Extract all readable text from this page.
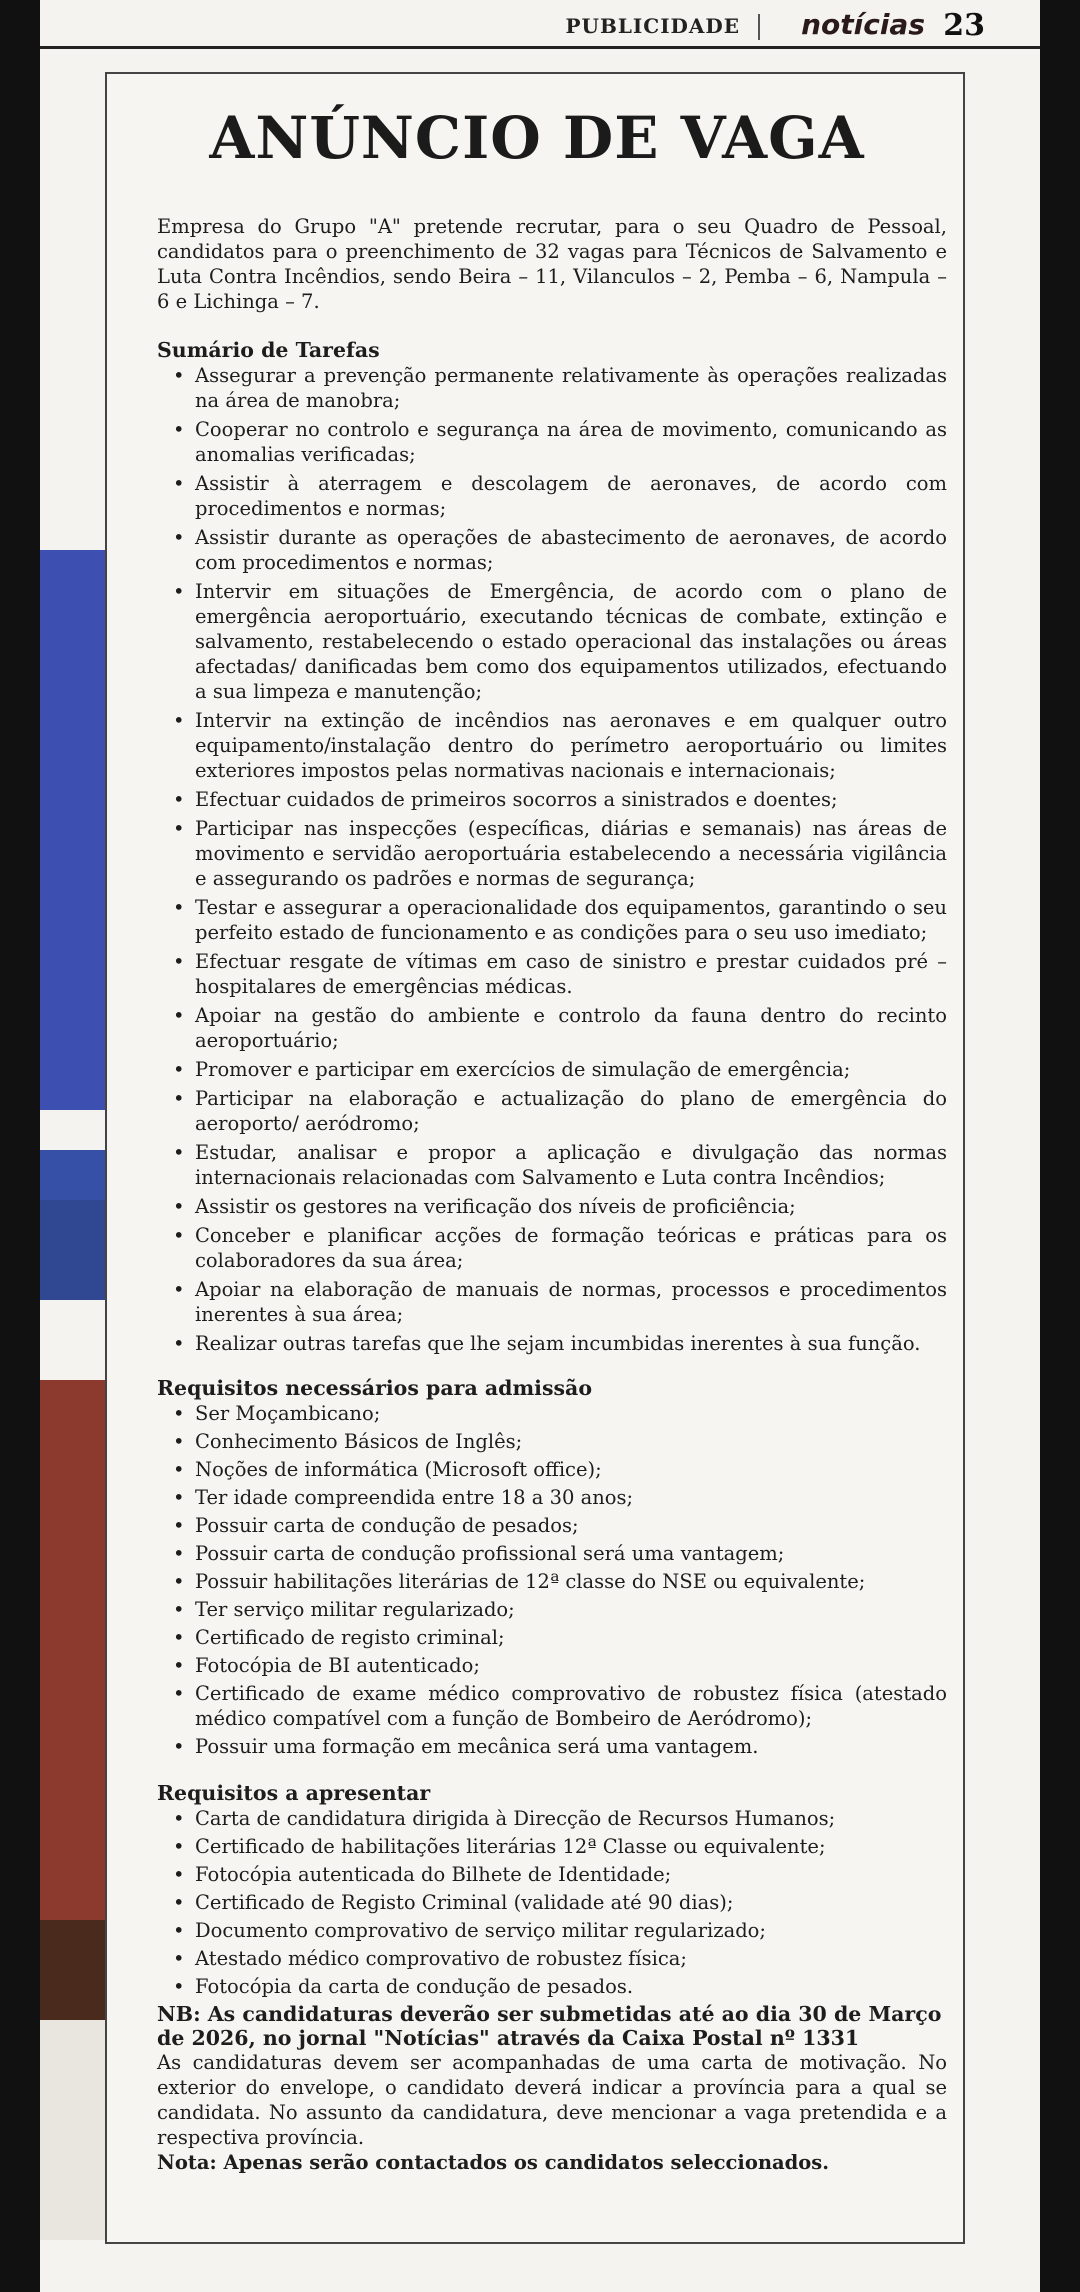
PUBLICIDADE notícias 23
ANÚNCIO DE VAGA

Empresa do Grupo "A" pretende recrutar, para o seu Quadro de Pessoal, candidatos para o preenchimento de 32 vagas para Técnicos de Salvamento e Luta Contra Incêndios, sendo Beira – 11, Vilanculos – 2, Pemba – 6, Nampula – 6 e Lichinga – 7.

Sumário de Tarefas

• Assegurar a prevenção permanente relativamente às operações realizadas na área de manobra;
• Cooperar no controlo e segurança na área de movimento, comunicando as anomalias verificadas;
• Assistir à aterragem e descolagem de aeronaves, de acordo com procedimentos e normas;
• Assistir durante as operações de abastecimento de aeronaves, de acordo com procedimentos e normas;
• Intervir em situações de Emergência, de acordo com o plano de emergência aeroportuário, executando técnicas de combate, extinção e salvamento, restabelecendo o estado operacional das instalações ou áreas afectadas/ danificadas bem como dos equipamentos utilizados, efectuando a sua limpeza e manutenção;
• Intervir na extinção de incêndios nas aeronaves e em qualquer outro equipamento/instalação dentro do perímetro aeroportuário ou limites exteriores impostos pelas normativas nacionais e internacionais;
• Efectuar cuidados de primeiros socorros a sinistrados e doentes;
• Participar nas inspecções (específicas, diárias e semanais) nas áreas de movimento e servidão aeroportuária estabelecendo a necessária vigilância e assegurando os padrões e normas de segurança;
• Testar e assegurar a operacionalidade dos equipamentos, garantindo o seu perfeito estado de funcionamento e as condições para o seu uso imediato;
• Efectuar resgate de vítimas em caso de sinistro e prestar cuidados pré – hospitalares de emergências médicas.
• Apoiar na gestão do ambiente e controlo da fauna dentro do recinto aeroportuário;
• Promover e participar em exercícios de simulação de emergência;
• Participar na elaboração e actualização do plano de emergência do aeroporto/ aeródromo;
• Estudar, analisar e propor a aplicação e divulgação das normas internacionais relacionadas com Salvamento e Luta contra Incêndios;
• Assistir os gestores na verificação dos níveis de proficiência;
• Conceber e planificar acções de formação teóricas e práticas para os colaboradores da sua área;
• Apoiar na elaboração de manuais de normas, processos e procedimentos inerentes à sua área;
• Realizar outras tarefas que lhe sejam incumbidas inerentes à sua função.

Requisitos necessários para admissão

• Ser Moçambicano;
• Conhecimento Básicos de Inglês;
• Noções de informática (Microsoft office);
• Ter idade compreendida entre 18 a 30 anos;
• Possuir carta de condução de pesados;
• Possuir carta de condução profissional será uma vantagem;
• Possuir habilitações literárias de 12ª classe do NSE ou equivalente;
• Ter serviço militar regularizado;
• Certificado de registo criminal;
• Fotocópia de BI autenticado;
• Certificado de exame médico comprovativo de robustez física (atestado médico compatível com a função de Bombeiro de Aeródromo);
• Possuir uma formação em mecânica será uma vantagem.

Requisitos a apresentar

• Carta de candidatura dirigida à Direcção de Recursos Humanos;
• Certificado de habilitações literárias 12ª Classe ou equivalente;
• Fotocópia autenticada do Bilhete de Identidade;
• Certificado de Registo Criminal (validade até 90 dias);
• Documento comprovativo de serviço militar regularizado;
• Atestado médico comprovativo de robustez física;
• Fotocópia da carta de condução de pesados.

NB: As candidaturas deverão ser submetidas até ao dia 30 de Março de 2026, no jornal "Notícias" através da Caixa Postal nº 1331

As candidaturas devem ser acompanhadas de uma carta de motivação. No exterior do envelope, o candidato deverá indicar a província para a qual se candidata. No assunto da candidatura, deve mencionar a vaga pretendida e a respectiva província.

Nota: Apenas serão contactados os candidatos seleccionados.
